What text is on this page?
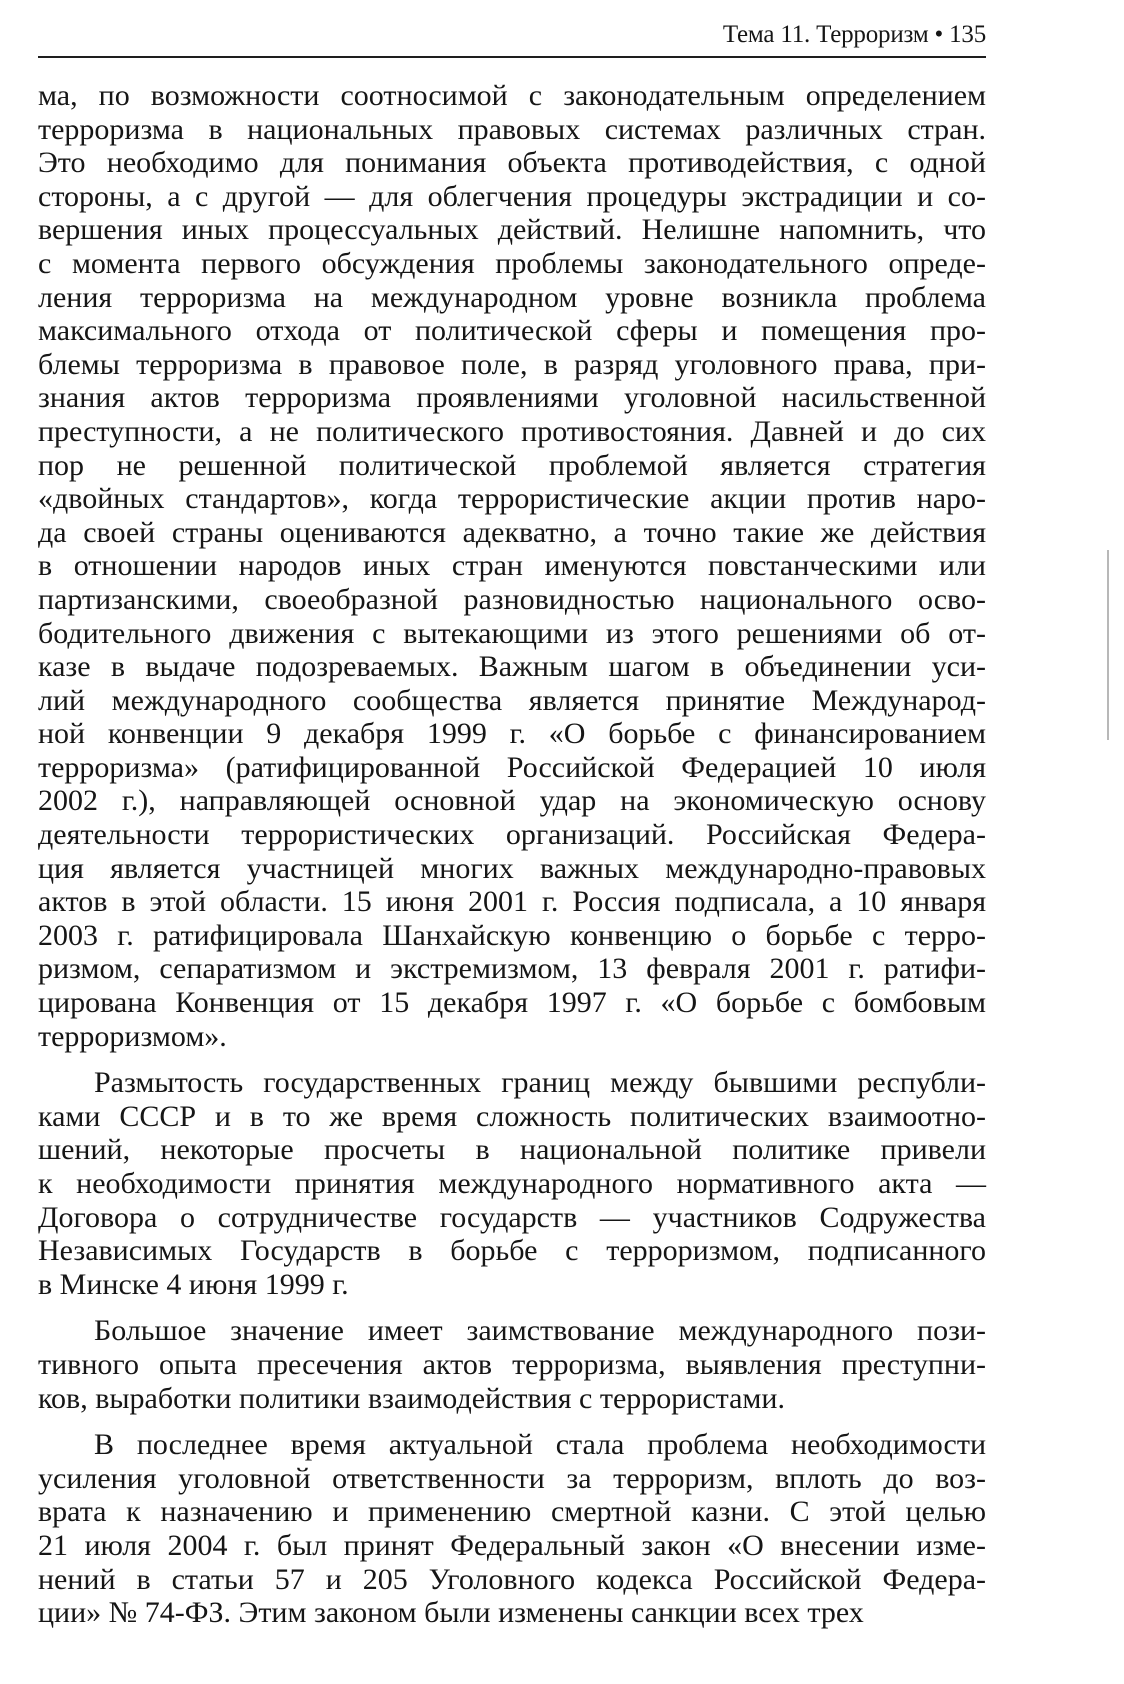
Тема 11. Терроризм • 135
ма, по возможности соотносимой с законодательным определением
терроризма в национальных правовых системах различных стран.
Это необходимо для понимания объекта противодействия, с одной
стороны, а с другой — для облегчения процедуры экстрадиции и со-
вершения иных процессуальных действий. Нелишне напомнить, что
с момента первого обсуждения проблемы законодательного опреде-
ления терроризма на международном уровне возникла проблема
максимального отхода от политической сферы и помещения про-
блемы терроризма в правовое поле, в разряд уголовного права, при-
знания актов терроризма проявлениями уголовной насильственной
преступности, а не политического противостояния. Давней и до сих
пор не решенной политической проблемой является стратегия
«двойных стандартов», когда террористические акции против наро-
да своей страны оцениваются адекватно, а точно такие же действия
в отношении народов иных стран именуются повстанческими или
партизанскими, своеобразной разновидностью национального осво-
бодительного движения с вытекающими из этого решениями об от-
казе в выдаче подозреваемых. Важным шагом в объединении уси-
лий международного сообщества является принятие Международ-
ной конвенции 9 декабря 1999 г. «О борьбе с финансированием
терроризма» (ратифицированной Российской Федерацией 10 июля
2002 г.), направляющей основной удар на экономическую основу
деятельности террористических организаций. Российская Федера-
ция является участницей многих важных международно-правовых
актов в этой области. 15 июня 2001 г. Россия подписала, а 10 января
2003 г. ратифицировала Шанхайскую конвенцию о борьбе с терро-
ризмом, сепаратизмом и экстремизмом, 13 февраля 2001 г. ратифи-
цирована Конвенция от 15 декабря 1997 г. «О борьбе с бомбовым
терроризмом».
Размытость государственных границ между бывшими республи-
ками СССР и в то же время сложность политических взаимоотно-
шений, некоторые просчеты в национальной политике привели
к необходимости принятия международного нормативного акта —
Договора о сотрудничестве государств — участников Содружества
Независимых Государств в борьбе с терроризмом, подписанного
в Минске 4 июня 1999 г.
Большое значение имеет заимствование международного пози-
тивного опыта пресечения актов терроризма, выявления преступни-
ков, выработки политики взаимодействия с террористами.
В последнее время актуальной стала проблема необходимости
усиления уголовной ответственности за терроризм, вплоть до воз-
врата к назначению и применению смертной казни. С этой целью
21 июля 2004 г. был принят Федеральный закон «О внесении изме-
нений в статьи 57 и 205 Уголовного кодекса Российской Федера-
ции» № 74-ФЗ. Этим законом были изменены санкции всех трех
